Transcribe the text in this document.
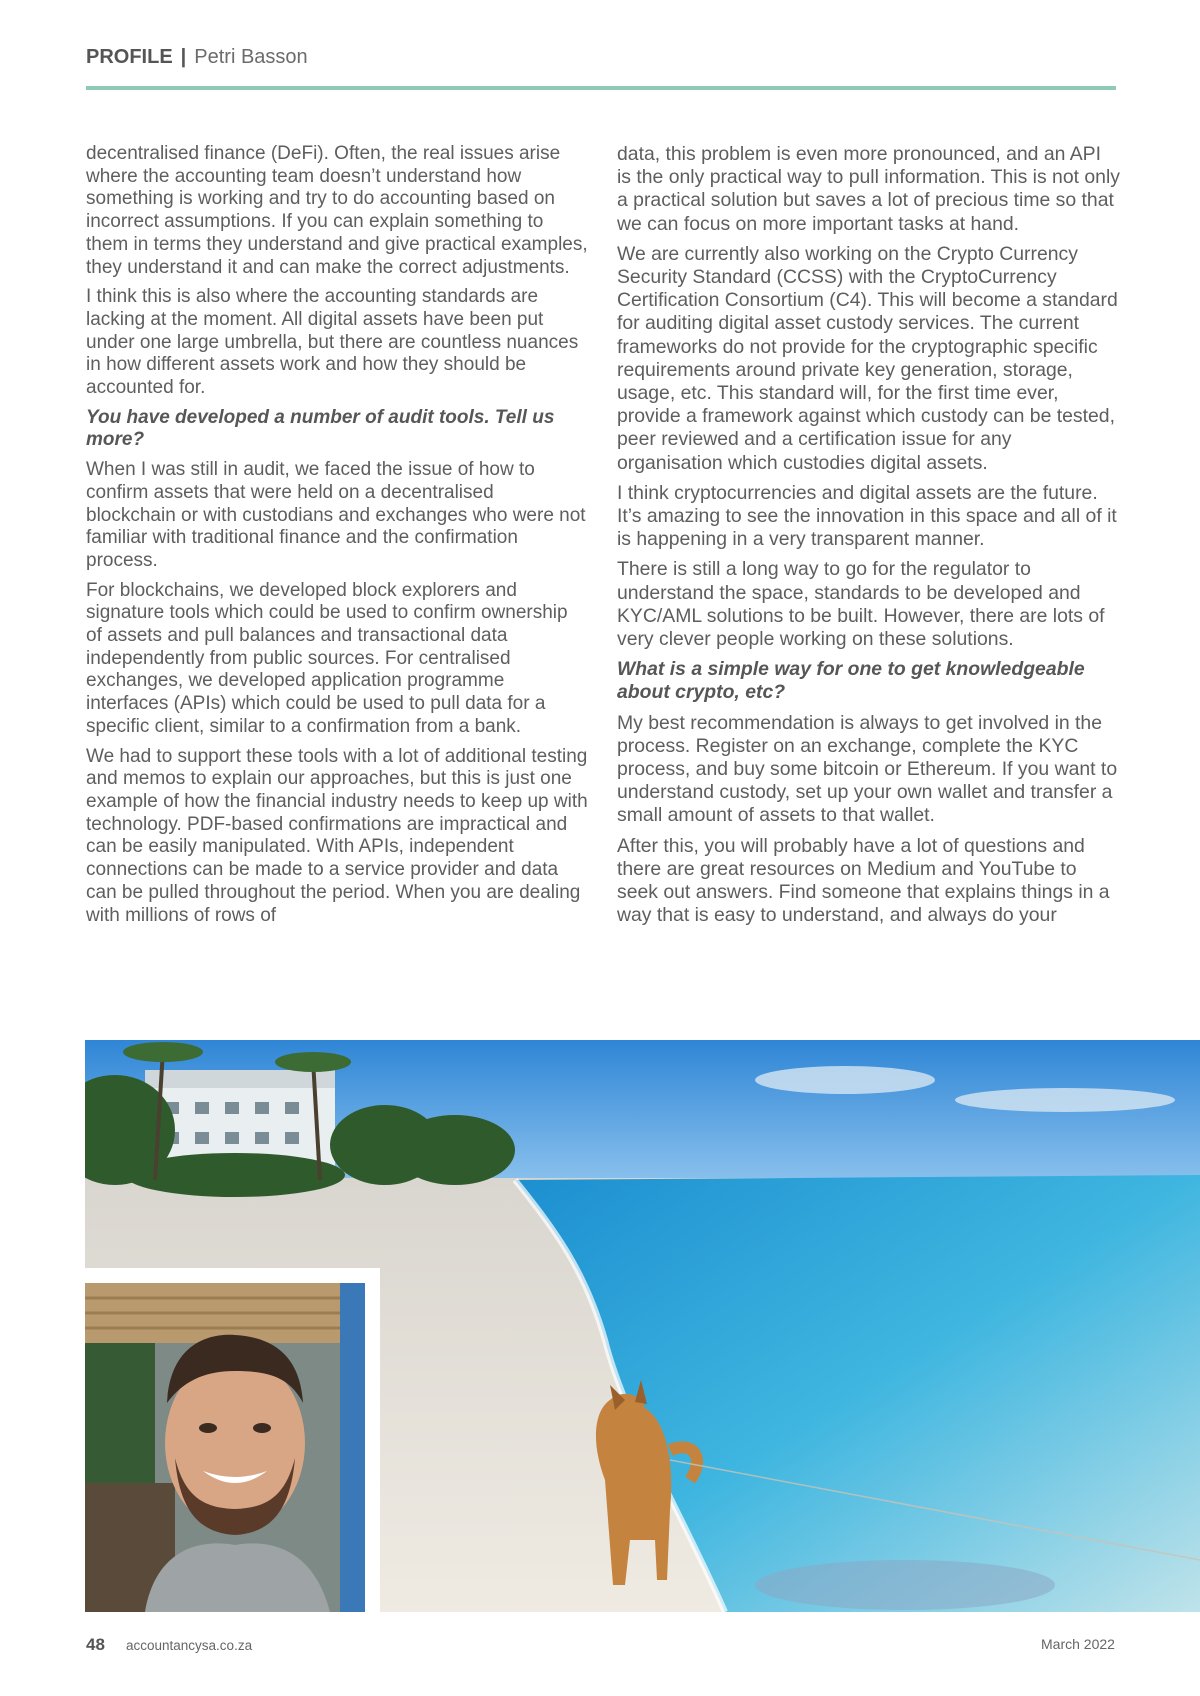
PROFILE | Petri Basson

decentralised finance (DeFi). Often, the real issues arise where the accounting team doesn’t understand how something is working and try to do accounting based on incorrect assumptions. If you can explain something to them in terms they understand and give practical examples, they understand it and can make the correct adjustments.

I think this is also where the accounting standards are lacking at the moment. All digital assets have been put under one large umbrella, but there are countless nuances in how different assets work and how they should be accounted for.

You have developed a number of audit tools. Tell us more?

When I was still in audit, we faced the issue of how to confirm assets that were held on a decentralised blockchain or with custodians and exchanges who were not familiar with traditional finance and the confirmation process.

For blockchains, we developed block explorers and signature tools which could be used to confirm ownership of assets and pull balances and transactional data independently from public sources. For centralised exchanges, we developed application programme interfaces (APIs) which could be used to pull data for a specific client, similar to a confirmation from a bank.

We had to support these tools with a lot of additional testing and memos to explain our approaches, but this is just one example of how the financial industry needs to keep up with technology. PDF-based confirmations are impractical and can be easily manipulated. With APIs, independent connections can be made to a service provider and data can be pulled throughout the period. When you are dealing with millions of rows of

data, this problem is even more pronounced, and an API is the only practical way to pull information. This is not only a practical solution but saves a lot of precious time so that we can focus on more important tasks at hand.

We are currently also working on the Crypto Currency Security Standard (CCSS) with the CryptoCurrency Certification Consortium (C4). This will become a standard for auditing digital asset custody services. The current frameworks do not provide for the cryptographic specific requirements around private key generation, storage, usage, etc. This standard will, for the first time ever, provide a framework against which custody can be tested, peer reviewed and a certification issue for any organisation which custodies digital assets.

I think cryptocurrencies and digital assets are the future. It’s amazing to see the innovation in this space and all of it is happening in a very transparent manner.

There is still a long way to go for the regulator to understand the space, standards to be developed and KYC/AML solutions to be built. However, there are lots of very clever people working on these solutions.

What is a simple way for one to get knowledgeable about crypto, etc?

My best recommendation is always to get involved in the process. Register on an exchange, complete the KYC process, and buy some bitcoin or Ethereum. If you want to understand custody, set up your own wallet and transfer a small amount of assets to that wallet.

After this, you will probably have a lot of questions and there are great resources on Medium and YouTube to seek out answers. Find someone that explains things in a way that is easy to understand, and always do your

48 accountancysa.co.za	March 2022
